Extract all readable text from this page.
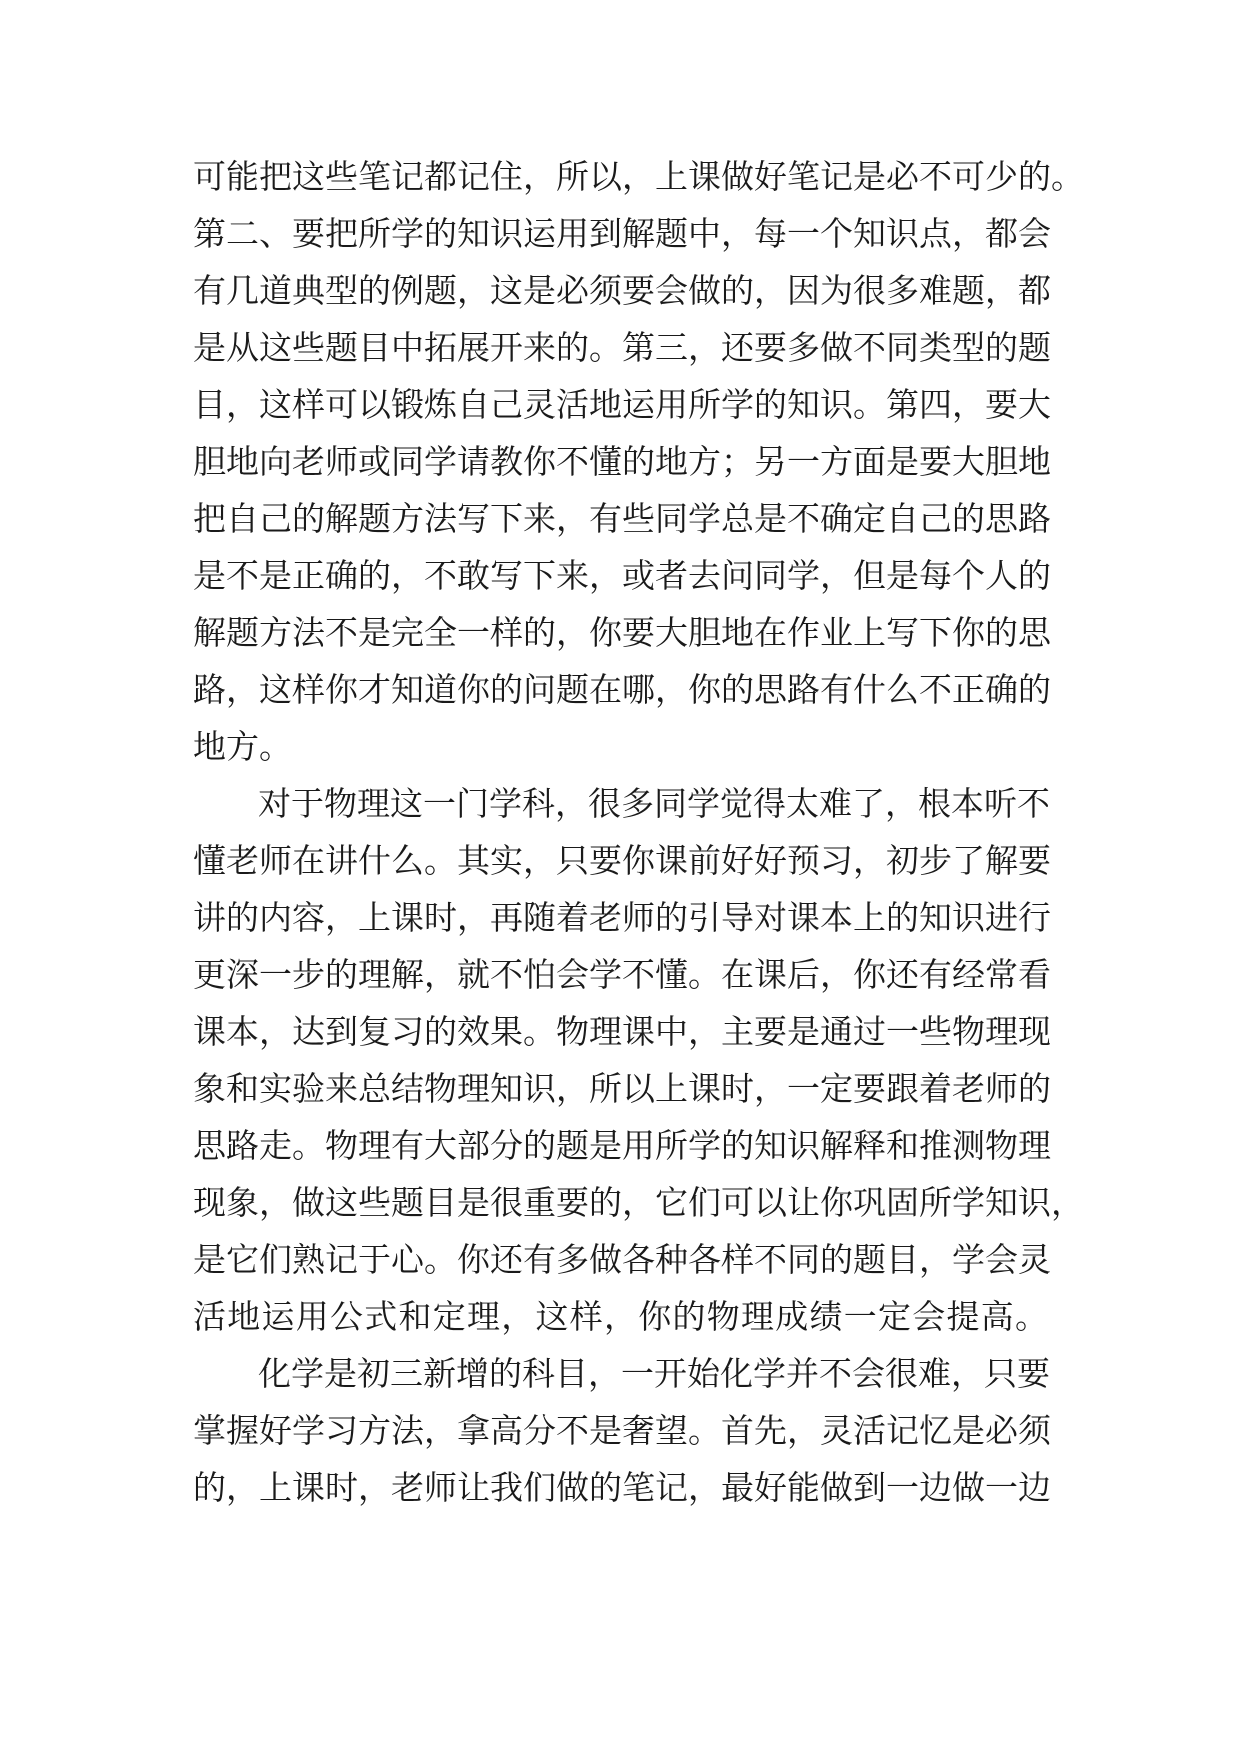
可能把这些笔记都记住，所以，上课做好笔记是必不可少的。
第二、要把所学的知识运用到解题中，每一个知识点，都会
有几道典型的例题，这是必须要会做的，因为很多难题，都
是从这些题目中拓展开来的。第三，还要多做不同类型的题
目，这样可以锻炼自己灵活地运用所学的知识。第四，要大
胆地向老师或同学请教你不懂的地方；另一方面是要大胆地
把自己的解题方法写下来，有些同学总是不确定自己的思路
是不是正确的，不敢写下来，或者去问同学，但是每个人的
解题方法不是完全一样的，你要大胆地在作业上写下你的思
路，这样你才知道你的问题在哪，你的思路有什么不正确的
地方。
对于物理这一门学科，很多同学觉得太难了，根本听不
懂老师在讲什么。其实，只要你课前好好预习，初步了解要
讲的内容，上课时，再随着老师的引导对课本上的知识进行
更深一步的理解，就不怕会学不懂。在课后，你还有经常看
课本，达到复习的效果。物理课中，主要是通过一些物理现
象和实验来总结物理知识，所以上课时，一定要跟着老师的
思路走。物理有大部分的题是用所学的知识解释和推测物理
现象，做这些题目是很重要的，它们可以让你巩固所学知识，
是它们熟记于心。你还有多做各种各样不同的题目，学会灵
活地运用公式和定理，这样，你的物理成绩一定会提高。
化学是初三新增的科目，一开始化学并不会很难，只要
掌握好学习方法，拿高分不是奢望。首先，灵活记忆是必须
的，上课时，老师让我们做的笔记，最好能做到一边做一边
